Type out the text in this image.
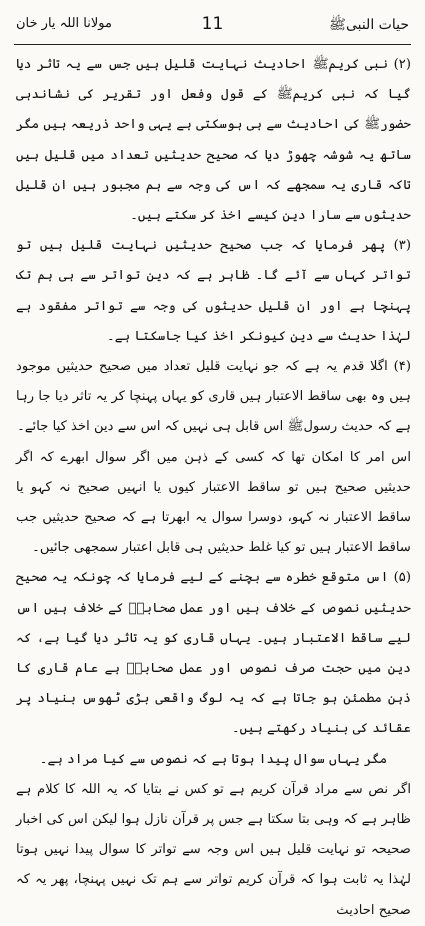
حیات النبیﷺ
11
مولانا اللہ یار خان

(۲) نبی کریمﷺ احادیث نہایت قلیل ہیں جس سے یہ تاثر دیا گیا کہ نبی کریمﷺ کے قول وفعل اور تقریر کی نشاندہی حضورﷺ کی احادیث سے ہی ہوسکتی ہے یہی واحد ذریعہ ہیں مگر ساتھ یہ شوشہ چھوڑ دیا کہ صحیح حدیثیں تعداد میں قلیل ہیں تاکہ قاری یہ سمجھے کہ اس کی وجہ سے ہم مجبور ہیں ان قلیل حدیثوں سے سارا دین کیسے اخذ کر سکتے ہیں۔

(۳) پھر فرمایا کہ جب صحیح حدیثیں نہایت قلیل ہیں تو تواتر کہاں سے آئے گا۔ ظاہر ہے کہ دین تواتر سے ہی ہم تک پہنچا ہے اور ان قلیل حدیثوں کی وجہ سے تواتر مفقود ہے لہٰذا حدیث سے دین کیونکر اخذ کیا جاسکتا ہے۔

(۴) اگلا قدم یہ ہے کہ جو نہایت قلیل تعداد میں صحیح حدیثیں موجود ہیں وہ بھی ساقط الاعتبار ہیں قاری کو یہاں پہنچا کر یہ تاثر دیا جا رہا ہے کہ حدیث رسولﷺ اس قابل ہی نہیں کہ اس سے دین اخذ کیا جائے۔

اس امر کا امکان تھا کہ کسی کے ذہن میں اگر سوال ابھرے کہ اگر حدیثیں صحیح ہیں تو ساقط الاعتبار کیوں یا انہیں صحیح نہ کہو یا ساقط الاعتبار نہ کہو، دوسرا سوال یہ ابھرتا ہے کہ صحیح حدیثیں جب ساقط الاعتبار ہیں تو کیا غلط حدیثیں ہی قابل اعتبار سمجھی جائیں۔

(۵) اس متوقع خطرہ سے بچنے کے لیے فرمایا کہ چونکہ یہ صحیح حدیثیں نصوص کے خلاف ہیں اور عمل صحابہؓ کے خلاف ہیں اس لیے ساقط الاعتبار ہیں۔ یہاں قاری کو یہ تاثر دیا گیا ہے، کہ دین میں حجت صرف نصوص اور عمل صحابہؓ ہے عام قاری کا ذہن مطمئن ہو جاتا ہے کہ یہ لوگ واقعی بڑی ٹھوس بنیاد پر عقائد کی بنیاد رکھتے ہیں۔

مگر یہاں سوال پیدا ہوتا ہے کہ نصوص سے کیا مراد ہے۔

اگر نص سے مراد قرآن کریم ہے تو کس نے بتایا کہ یہ اللہ کا کلام ہے ظاہر ہے کہ وہی بتا سکتا ہے جس پر قرآن نازل ہوا لیکن اس کی اخبار صحیحہ تو نہایت قلیل ہیں اس وجہ سے تواتر کا سوال پیدا نہیں ہوتا لہٰذا یہ ثابت ہوا کہ قرآن کریم تواتر سے ہم تک نہیں پہنچا، پھر یہ کہ صحیح احادیث
